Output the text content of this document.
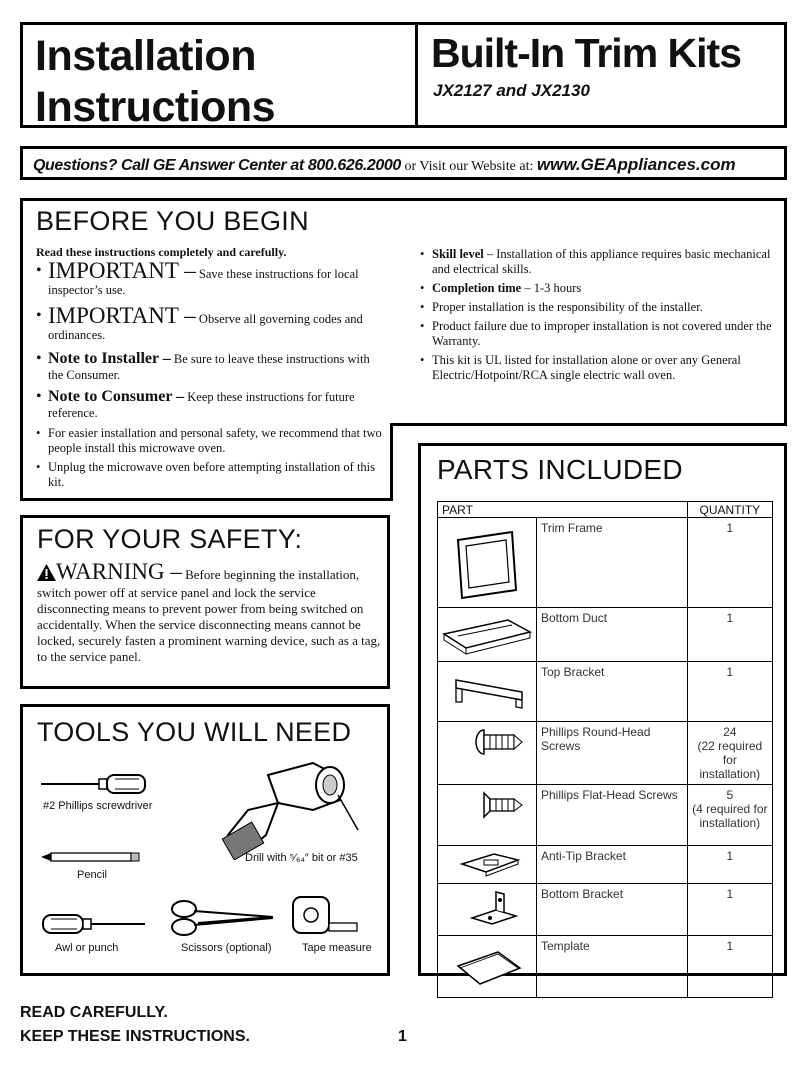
Installation
Instructions
Built-In Trim Kits
JX2127 and JX2130
Questions? Call GE Answer Center at 800.626.2000 or Visit our Website at: www.GEAppliances.com
BEFORE YOU BEGIN
Read these instructions completely and carefully.
• IMPORTANT – Save these instructions for local inspector’s use.
• IMPORTANT – Observe all governing codes and ordinances.
• Note to Installer – Be sure to leave these instructions with the Consumer.
• Note to Consumer – Keep these instructions for future reference.
• For easier installation and personal safety, we recommend that two people install this microwave oven.
• Unplug the microwave oven before attempting installation of this kit.
• Skill level – Installation of this appliance requires basic mechanical and electrical skills.
• Completion time – 1-3 hours
• Proper installation is the responsibility of the installer.
• Product failure due to improper installation is not covered under the Warranty.
• This kit is UL listed for installation alone or over any General Electric/Hotpoint/RCA single electric wall oven.
FOR YOUR SAFETY:
WARNING – Before beginning the installation, switch power off at service panel and lock the service disconnecting means to prevent power from being switched on accidentally. When the service disconnecting means cannot be locked, securely fasten a prominent warning device, such as a tag, to the service panel.
TOOLS YOU WILL NEED
#2 Phillips screwdriver
Drill with ⁵⁄₆₄″ bit or #35
Pencil
Awl or punch	Scissors (optional)	Tape measure
PARTS INCLUDED
PART		QUANTITY
	Trim Frame	1
	Bottom Duct	1
	Top Bracket	1
	Phillips Round-Head Screws	24
(22 required
for installation)
	Phillips Flat-Head Screws	5
(4 required for
installation)
	Anti-Tip Bracket	1
	Bottom Bracket	1
	Template	1
READ CAREFULLY.
KEEP THESE INSTRUCTIONS.	1
